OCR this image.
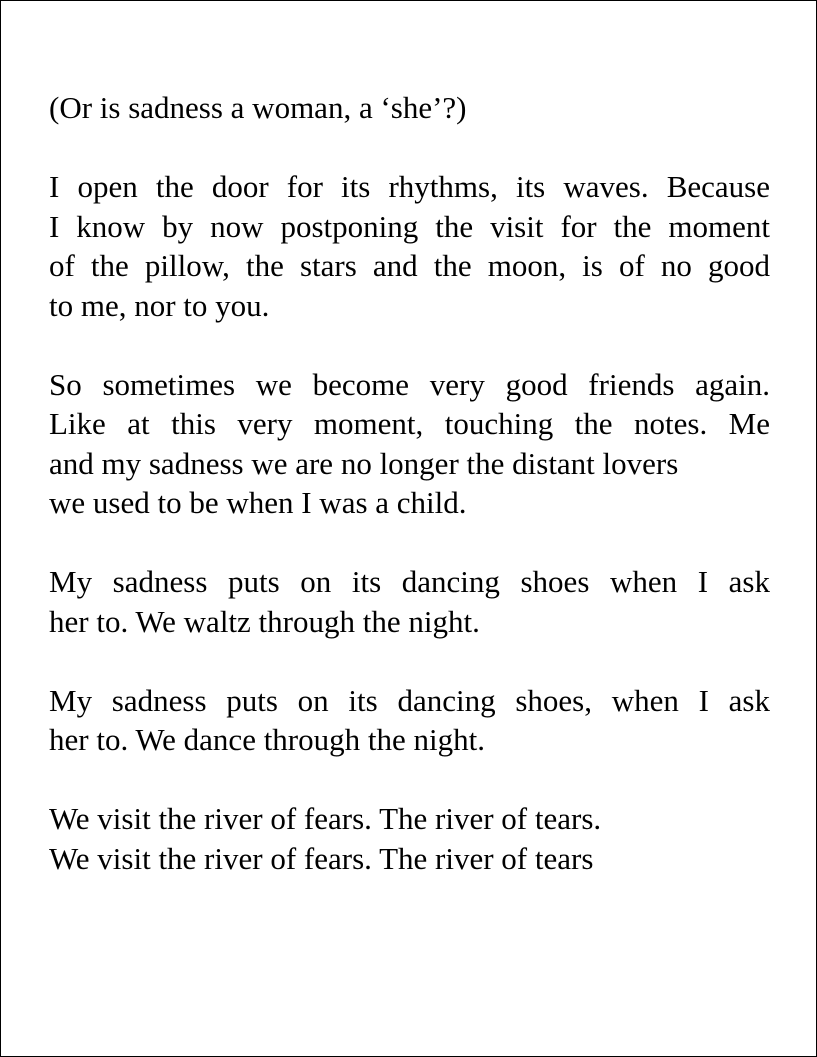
(Or is sadness a woman, a ‘she’?)

I open the door for its rhythms, its waves. Because
I know by now postponing the visit for the moment
of the pillow, the stars and the moon, is of no good
to me, nor to you.

So sometimes we become very good friends again.
Like at this very moment, touching the notes. Me
and my sadness we are no longer the distant lovers
we used to be when I was a child.

My sadness puts on its dancing shoes when I ask
her to. We waltz through the night.

My sadness puts on its dancing shoes, when I ask
her to. We dance through the night.

We visit the river of fears. The river of tears.
We visit the river of fears. The river of tears
